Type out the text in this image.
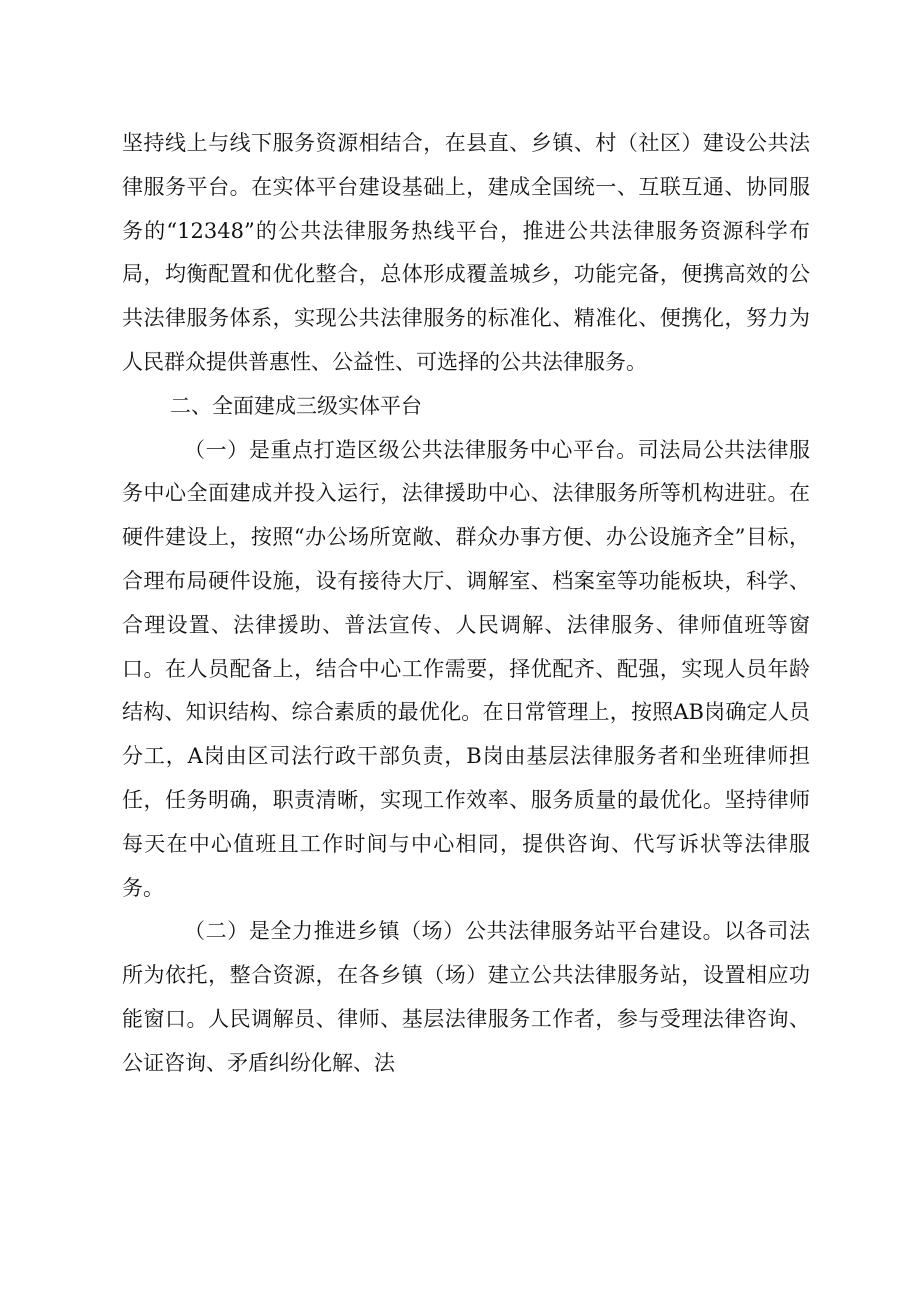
坚持线上与线下服务资源相结合，在县直、乡镇、村（社区）建设公共法律服务平台。在实体平台建设基础上，建成全国统一、互联互通、协同服务的“12348”的公共法律服务热线平台，推进公共法律服务资源科学布局，均衡配置和优化整合，总体形成覆盖城乡，功能完备，便携高效的公共法律服务体系，实现公共法律服务的标准化、精准化、便携化，努力为人民群众提供普惠性、公益性、可选择的公共法律服务。

二、全面建成三级实体平台

（一）是重点打造区级公共法律服务中心平台。司法局公共法律服务中心全面建成并投入运行，法律援助中心、法律服务所等机构进驻。在硬件建设上，按照“办公场所宽敞、群众办事方便、办公设施齐全”目标，合理布局硬件设施，设有接待大厅、调解室、档案室等功能板块，科学、合理设置、法律援助、普法宣传、人民调解、法律服务、律师值班等窗口。在人员配备上，结合中心工作需要，择优配齐、配强，实现人员年龄结构、知识结构、综合素质的最优化。在日常管理上，按照AB岗确定人员分工，A岗由区司法行政干部负责，B岗由基层法律服务者和坐班律师担任，任务明确，职责清晰，实现工作效率、服务质量的最优化。坚持律师每天在中心值班且工作时间与中心相同，提供咨询、代写诉状等法律服务。

（二）是全力推进乡镇（场）公共法律服务站平台建设。以各司法所为依托，整合资源，在各乡镇（场）建立公共法律服务站，设置相应功能窗口。人民调解员、律师、基层法律服务工作者，参与受理法律咨询、公证咨询、矛盾纠纷化解、法
